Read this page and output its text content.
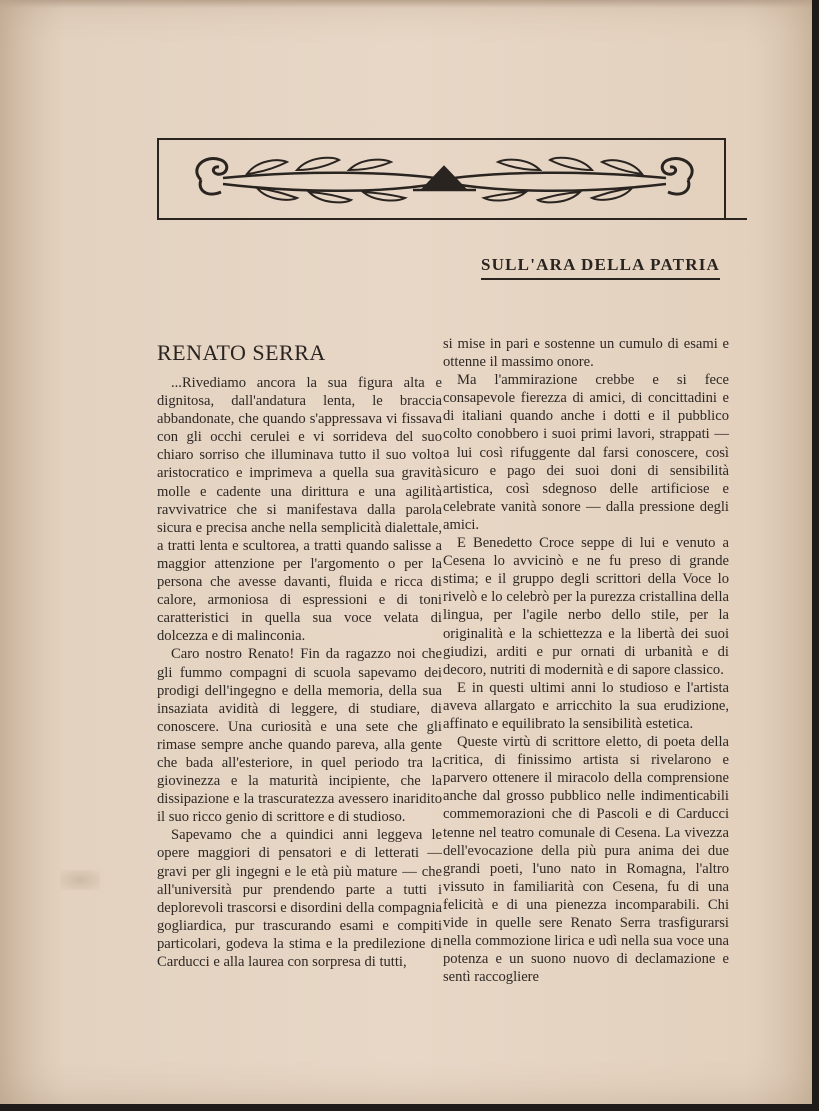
SULL'ARA DELLA PATRIA
RENATO SERRA

...Rivediamo ancora la sua figura alta e dignitosa, dall'andatura lenta, le braccia abbandonate, che quando s'appressava vi fissava con gli occhi cerulei e vi sorrideva del suo chiaro sorriso che illuminava tutto il suo volto aristocratico e imprimeva a quella sua gravità molle e cadente una dirittura e una agilità ravvivatrice che si manifestava dalla parola sicura e precisa anche nella semplicità dialettale, a tratti lenta e scultorea, a tratti quando salisse a maggior attenzione per l'argomento o per la persona che avesse davanti, fluida e ricca di calore, armoniosa di espressioni e di toni caratteristici in quella sua voce velata di dolcezza e di malinconia.

Caro nostro Renato! Fin da ragazzo noi che gli fummo compagni di scuola sapevamo dei prodigi dell'ingegno e della memoria, della sua insaziata avidità di leggere, di studiare, di conoscere. Una curiosità e una sete che gli rimase sempre anche quando pareva, alla gente che bada all'esteriore, in quel periodo tra la giovinezza e la maturità incipiente, che la dissipazione e la trascuratezza avessero inaridito il suo ricco genio di scrittore e di studioso.

Sapevamo che a quindici anni leggeva le opere maggiori di pensatori e di letterati — gravi per gli ingegni e le età più mature — che all'università pur prendendo parte a tutti i deplorevoli trascorsi e disordini della compagnia gogliardica, pur trascurando esami e compiti particolari, godeva la stima e la predilezione di Carducci e alla laurea con sorpresa di tutti,

si mise in pari e sostenne un cumulo di esami e ottenne il massimo onore.

Ma l'ammirazione crebbe e si fece consapevole fierezza di amici, di concittadini e di italiani quando anche i dotti e il pubblico colto conobbero i suoi primi lavori, strappati — a lui così rifuggente dal farsi conoscere, così sicuro e pago dei suoi doni di sensibilità artistica, così sdegnoso delle artificiose e celebrate vanità sonore — dalla pressione degli amici.

E Benedetto Croce seppe di lui e venuto a Cesena lo avvicinò e ne fu preso di grande stima; e il gruppo degli scrittori della Voce lo rivelò e lo celebrò per la purezza cristallina della lingua, per l'agile nerbo dello stile, per la originalità e la schiettezza e la libertà dei suoi giudizi, arditi e pur ornati di urbanità e di decoro, nutriti di modernità e di sapore classico.

E in questi ultimi anni lo studioso e l'artista aveva allargato e arricchito la sua erudizione, affinato e equilibrato la sensibilità estetica.

Queste virtù di scrittore eletto, di poeta della critica, di finissimo artista si rivelarono e parvero ottenere il miracolo della comprensione anche dal grosso pubblico nelle indimenticabili commemorazioni che di Pascoli e di Carducci tenne nel teatro comunale di Cesena. La vivezza dell'evocazione della più pura anima dei due grandi poeti, l'uno nato in Romagna, l'altro vissuto in familiarità con Cesena, fu di una felicità e di una pienezza incomparabili. Chi vide in quelle sere Renato Serra trasfigurarsi nella commozione lirica e udì nella sua voce una potenza e un suono nuovo di declamazione e sentì raccogliere
